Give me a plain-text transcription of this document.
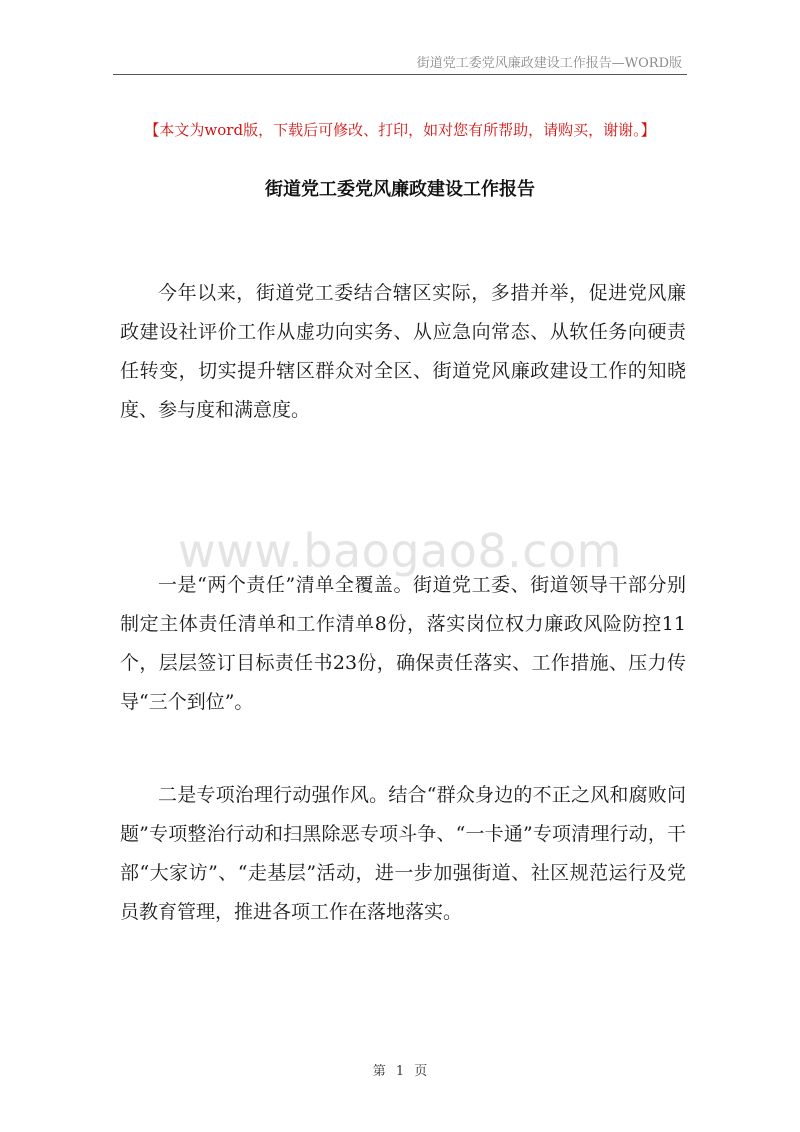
街道党工委党风廉政建设工作报告—WORD版
【本文为word版，下载后可修改、打印，如对您有所帮助，请购买，谢谢。】
街道党工委党风廉政建设工作报告
www.baogao8.com

今年以来，街道党工委结合辖区实际，多措并举，促进党风廉政建设社评价工作从虚功向实务、从应急向常态、从软任务向硬责任转变，切实提升辖区群众对全区、街道党风廉政建设工作的知晓度、参与度和满意度。

一是“两个责任”清单全覆盖。街道党工委、街道领导干部分别制定主体责任清单和工作清单8份，落实岗位权力廉政风险防控11个，层层签订目标责任书23份，确保责任落实、工作措施、压力传导“三个到位”。

二是专项治理行动强作风。结合“群众身边的不正之风和腐败问题”专项整治行动和扫黑除恶专项斗争、“一卡通”专项清理行动，干部“大家访”、“走基层”活动，进一步加强街道、社区规范运行及党员教育管理，推进各项工作在落地落实。

第 1 页
